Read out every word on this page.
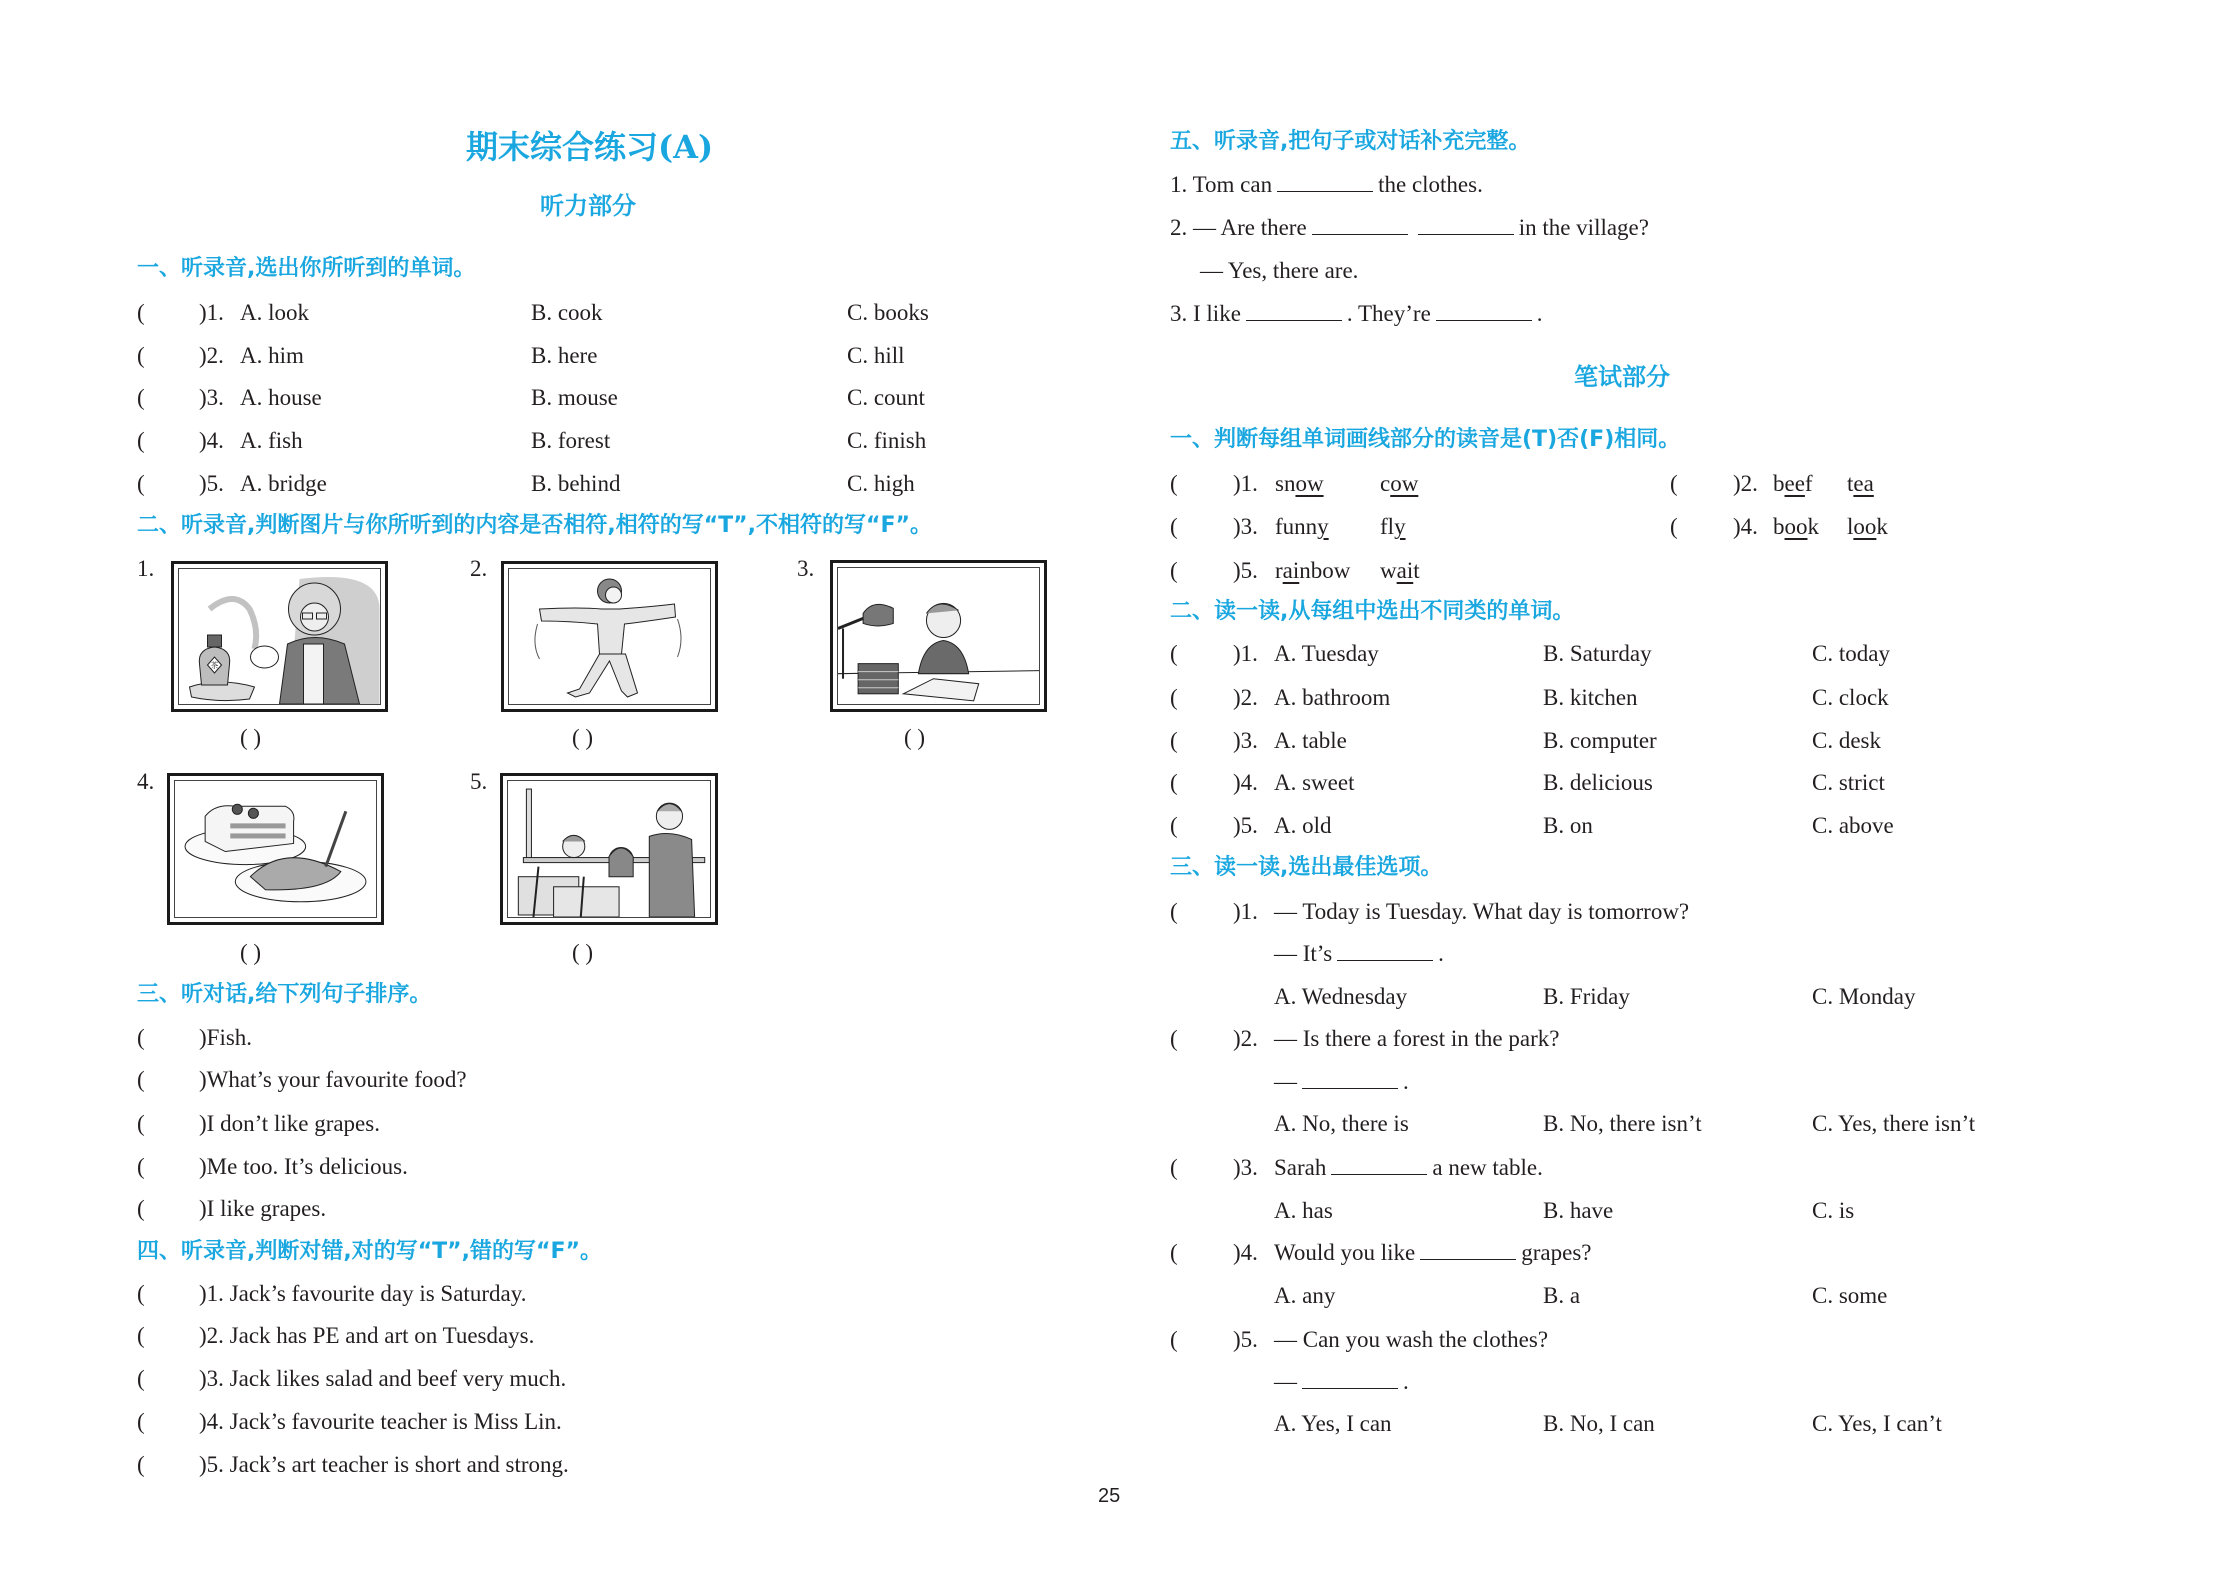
期末综合练习(A)
听力部分
一、听录音,选出你所听到的单词。
二、听录音,判断图片与你所听到的内容是否相符,相符的写“T”,不相符的写“F”。
1.
茶
2.	3.
( )	( )	( )
4.	5.
( )	( )
三、听对话,给下列句子排序。
四、听录音,判断对错,对的写“T”,错的写“F”。
五、听录音,把句子或对话补充完整。
1. Tom can	the clothes.
2. — Are there	in the village?
— Yes, there are.
3. I like	. They’re	.
笔试部分
一、判断每组单词画线部分的读音是(T)否(F)相同。
二、读一读,从每组中选出不同类的单词。
三、读一读,选出最佳选项。
25
( )1. A. look	B. cook	C. books
( )2. A. him	B. here	C. hill
( )3. A. house	B. mouse	C. count
( )4. A. fish	B. forest	C. finish
( )5. A. bridge	B. behind	C. high
( )Fish.
( )What’s your favourite food?
( )I don’t like grapes.
( )Me too. It’s delicious.
( )I like grapes.
( )1. Jack’s favourite day is Saturday.
( )2. Jack has PE and art on Tuesdays.
( )3. Jack likes salad and beef very much.
( )4. Jack’s favourite teacher is Miss Lin.
( )5. Jack’s art teacher is short and strong.
( )1. snow cow	( )2. beef tea
( )3. funny fly	( )4. book look
( )5. rainbow wait
( )1. A. Tuesday	B. Saturday	C. today
( )2. A. bathroom	B. kitchen	C. clock
( )3. A. table	B. computer	C. desk
( )4. A. sweet	B. delicious	C. strict
( )5. A. old	B. on	C. above
( )1. — Today is Tuesday. What day is tomorrow?
— It’s	.
A. Wednesday	B. Friday	C. Monday
( )2. — Is there a forest in the park?
—	.
A. No, there is	B. No, there isn’t	C. Yes, there isn’t
( )3. Sarah	a new table.
A. has	B. have	C. is
( )4. Would you like	grapes?
A. any	B. a	C. some
( )5. — Can you wash the clothes?
—	.
A. Yes, I can	B. No, I can	C. Yes, I can’t
